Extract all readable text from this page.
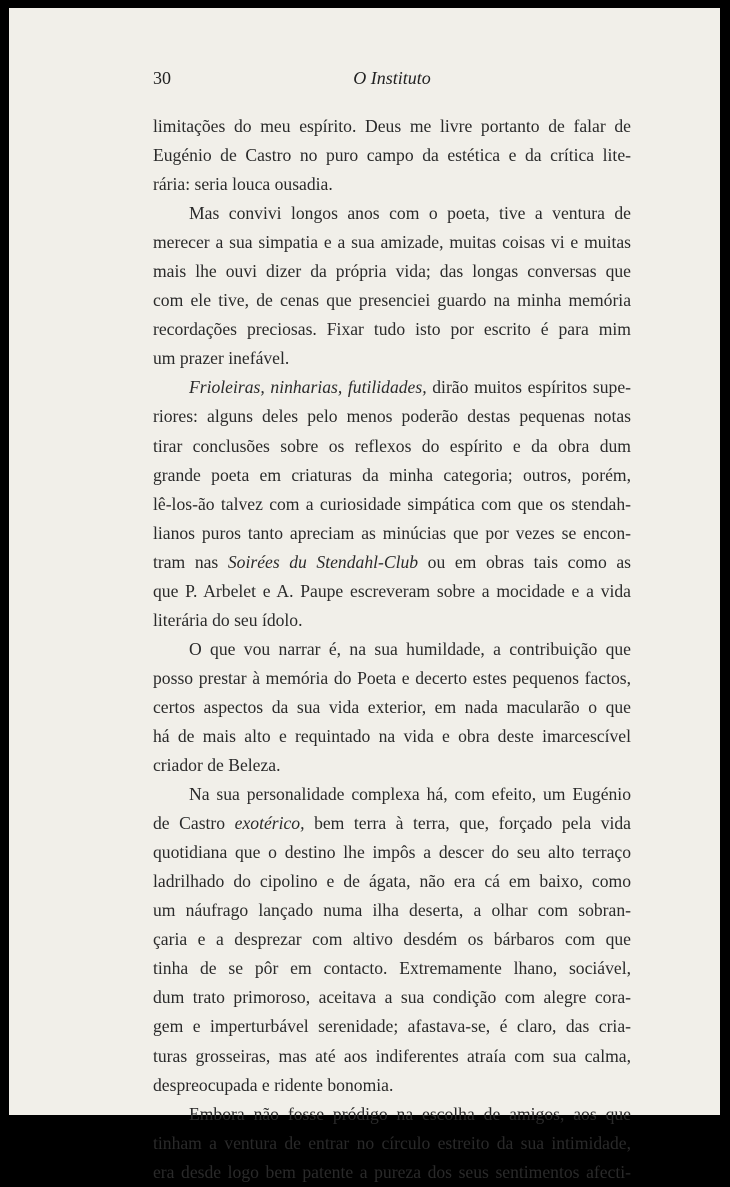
30	O Instituto
limitações do meu espírito. Deus me livre portanto de falar de
Eugénio de Castro no puro campo da estética e da crítica lite-
rária: seria louca ousadia.
Mas convivi longos anos com o poeta, tive a ventura de
merecer a sua simpatia e a sua amizade, muitas coisas vi e muitas
mais lhe ouvi dizer da própria vida; das longas conversas que
com ele tive, de cenas que presenciei guardo na minha memória
recordações preciosas. Fixar tudo isto por escrito é para mim
um prazer inefável.
Frioleiras, ninharias, futilidades, dirão muitos espíritos supe-
riores: alguns deles pelo menos poderão destas pequenas notas
tirar conclusões sobre os reflexos do espírito e da obra dum
grande poeta em criaturas da minha categoria; outros, porém,
lê-los-ão talvez com a curiosidade simpática com que os stendah-
lianos puros tanto apreciam as minúcias que por vezes se encon-
tram nas Soirées du Stendahl-Club ou em obras tais como as
que P. Arbelet e A. Paupe escreveram sobre a mocidade e a vida
literária do seu ídolo.
O que vou narrar é, na sua humildade, a contribuição que
posso prestar à memória do Poeta e decerto estes pequenos factos,
certos aspectos da sua vida exterior, em nada macularão o que
há de mais alto e requintado na vida e obra deste imarcescível
criador de Beleza.
Na sua personalidade complexa há, com efeito, um Eugénio
de Castro exotérico, bem terra à terra, que, forçado pela vida
quotidiana que o destino lhe impôs a descer do seu alto terraço
ladrilhado do cipolino e de ágata, não era cá em baixo, como
um náufrago lançado numa ilha deserta, a olhar com sobran-
çaria e a desprezar com altivo desdém os bárbaros com que
tinha de se pôr em contacto. Extremamente lhano, sociável,
dum trato primoroso, aceitava a sua condição com alegre cora-
gem e imperturbável serenidade; afastava-se, é claro, das cria-
turas grosseiras, mas até aos indiferentes atraía com sua calma,
despreocupada e ridente bonomia.
Embora não fosse pródigo na escolha de amigos, aos que
tinham a ventura de entrar no círculo estreito da sua intimidade,
era desde logo bem patente a pureza dos seus sentimentos afecti-
